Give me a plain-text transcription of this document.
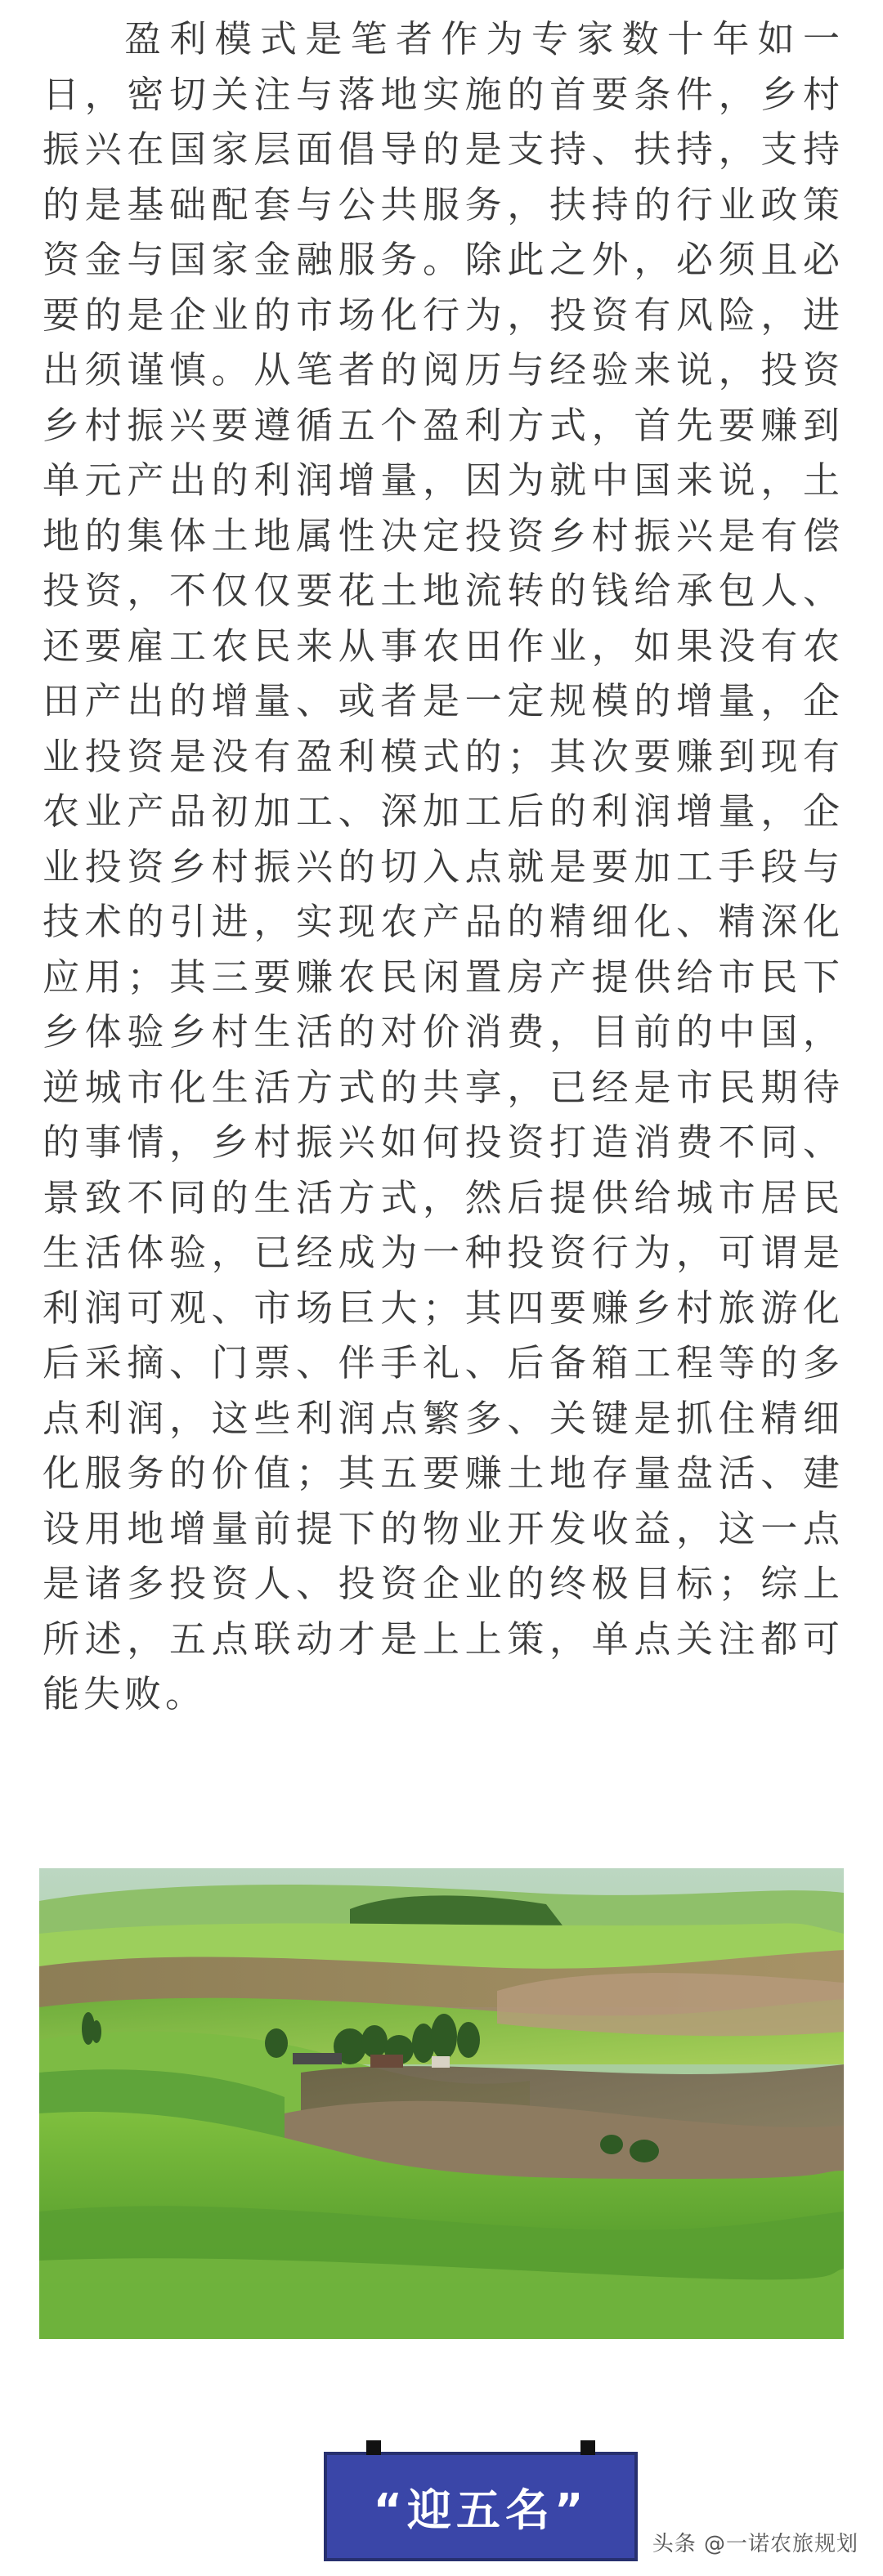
盈利模式是笔者作为专家数十年如一日，密切关注与落地实施的首要条件，乡村振兴在国家层面倡导的是支持、扶持，支持的是基础配套与公共服务，扶持的行业政策资金与国家金融服务。除此之外，必须且必要的是企业的市场化行为，投资有风险，进出须谨慎。从笔者的阅历与经验来说，投资乡村振兴要遵循五个盈利方式，首先要赚到单元产出的利润增量，因为就中国来说，土地的集体土地属性决定投资乡村振兴是有偿投资，不仅仅要花土地流转的钱给承包人、还要雇工农民来从事农田作业，如果没有农田产出的增量、或者是一定规模的增量，企业投资是没有盈利模式的；其次要赚到现有农业产品初加工、深加工后的利润增量，企业投资乡村振兴的切入点就是要加工手段与技术的引进，实现农产品的精细化、精深化应用；其三要赚农民闲置房产提供给市民下乡体验乡村生活的对价消费，目前的中国，逆城市化生活方式的共享，已经是市民期待的事情，乡村振兴如何投资打造消费不同、景致不同的生活方式，然后提供给城市居民生活体验，已经成为一种投资行为，可谓是利润可观、市场巨大；其四要赚乡村旅游化后采摘、门票、伴手礼、后备箱工程等的多点利润，这些利润点繁多、关键是抓住精细化服务的价值；其五要赚土地存量盘活、建设用地增量前提下的物业开发收益，这一点是诸多投资人、投资企业的终极目标；综上所述，五点联动才是上上策，单点关注都可能失败。

“迎五名”
头条 @一诺农旅规划
